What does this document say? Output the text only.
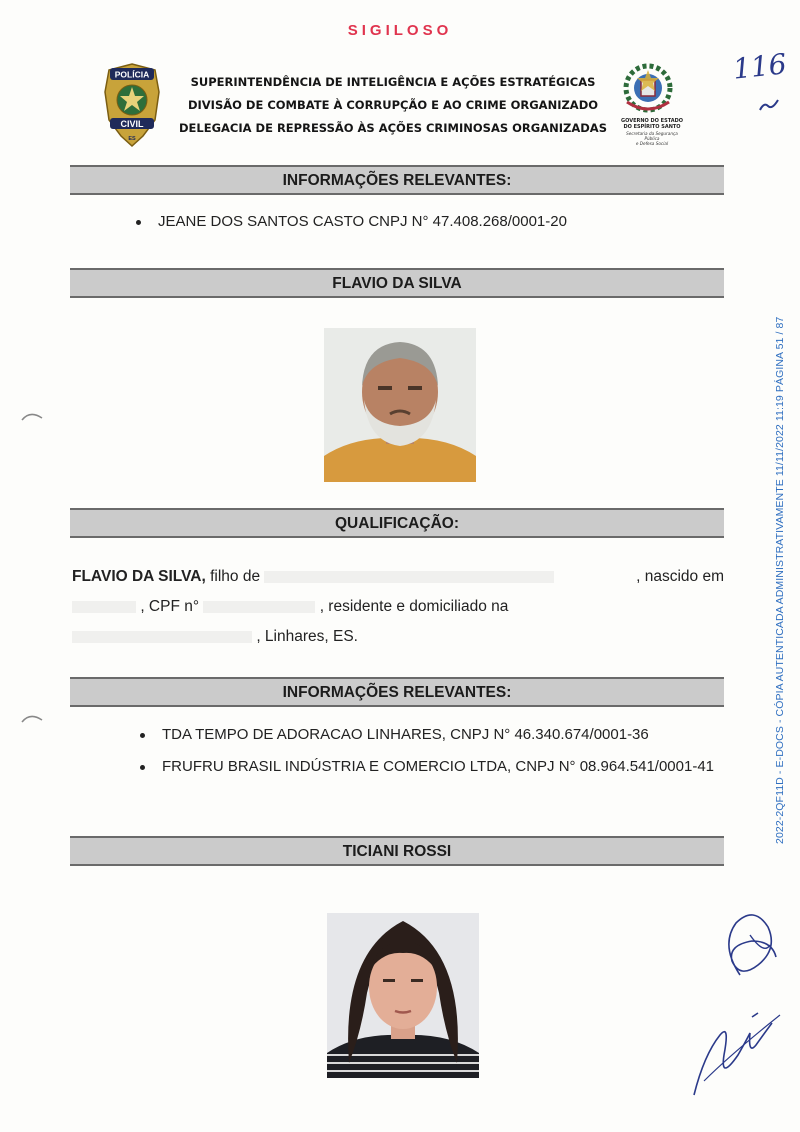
SIGILOSO
POLÍCIA
CIVIL
ES
SUPERINTENDÊNCIA DE INTELIGÊNCIA E AÇÕES ESTRATÉGICAS
DIVISÃO DE COMBATE À CORRUPÇÃO E AO CRIME ORGANIZADO
DELEGACIA DE REPRESSÃO ÀS AÇÕES CRIMINOSAS ORGANIZADAS	GOVERNO DO ESTADO
DO ESPÍRITO SANTO
Secretaria da Segurança Pública
e Defesa Social
116
INFORMAÇÕES RELEVANTES:
JEANE DOS SANTOS CASTO CNPJ N° 47.408.268/0001-20
FLAVIO DA SILVA
QUALIFICAÇÃO:
FLAVIO DA SILVA, filho de	, nascido em
, CPF n°	, residente e domiciliado na
, Linhares, ES.
INFORMAÇÕES RELEVANTES:
TDA TEMPO DE ADORACAO LINHARES, CNPJ N° 46.340.674/0001-36
FRUFRU BRASIL INDÚSTRIA E COMERCIO LTDA, CNPJ N° 08.964.541/0001-41
TICIANI ROSSI
2022-2QF11D - E-DOCS - CÓPIA AUTENTICADA ADMINISTRATIVAMENTE 11/11/2022 11:19 PÁGINA 51 / 87
